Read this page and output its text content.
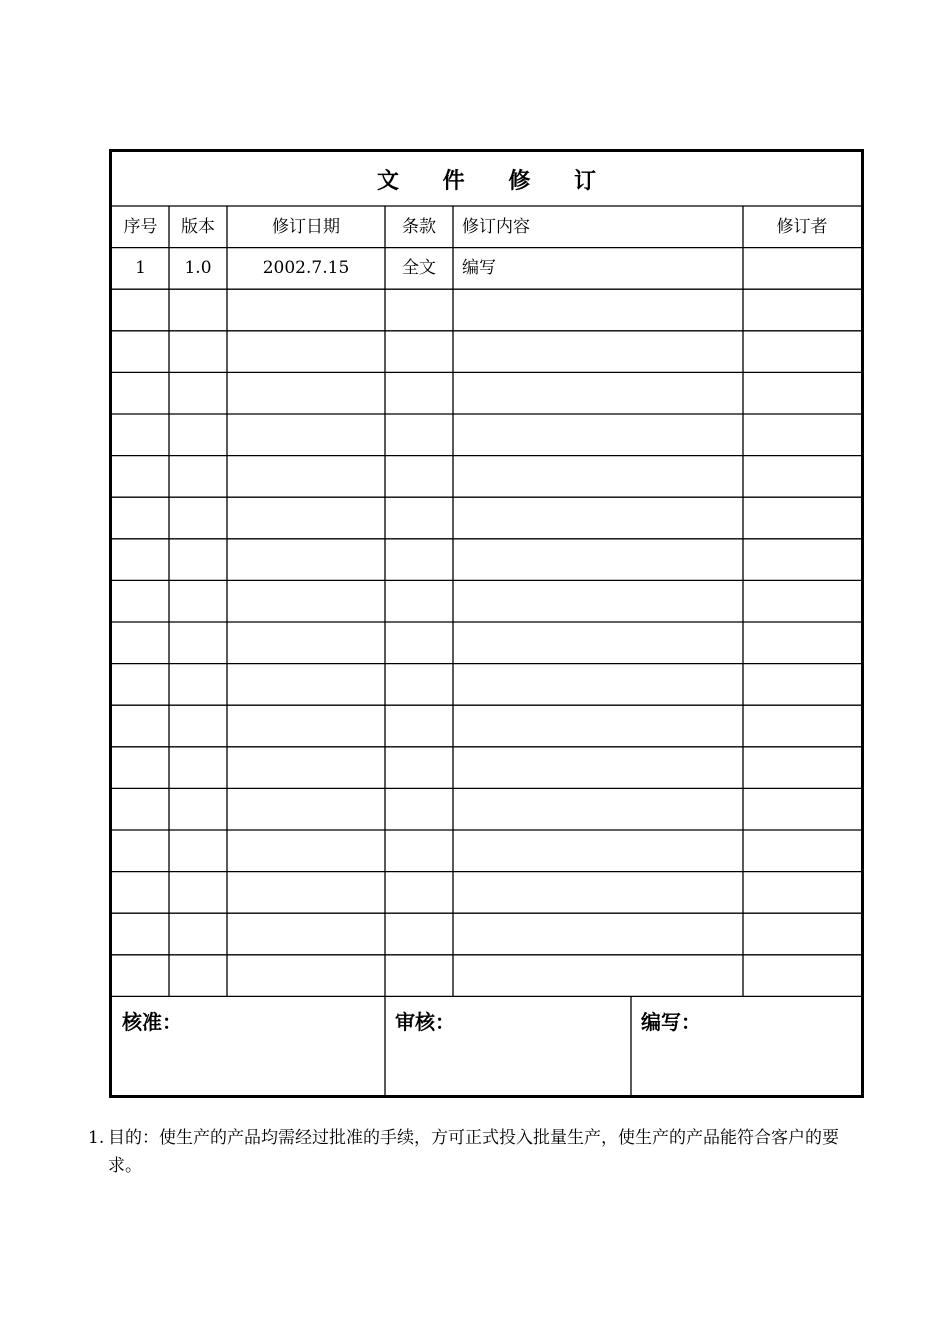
文 件 修 订
序号	版本	修订日期	条款	修订内容	修订者
1	1.0	2002.7.15	全文	编写
核准：	审核：	编写：
1. 目的：使生产的产品均需经过批准的手续，方可正式投入批量生产，使生产的产品能符合客户的要求。
